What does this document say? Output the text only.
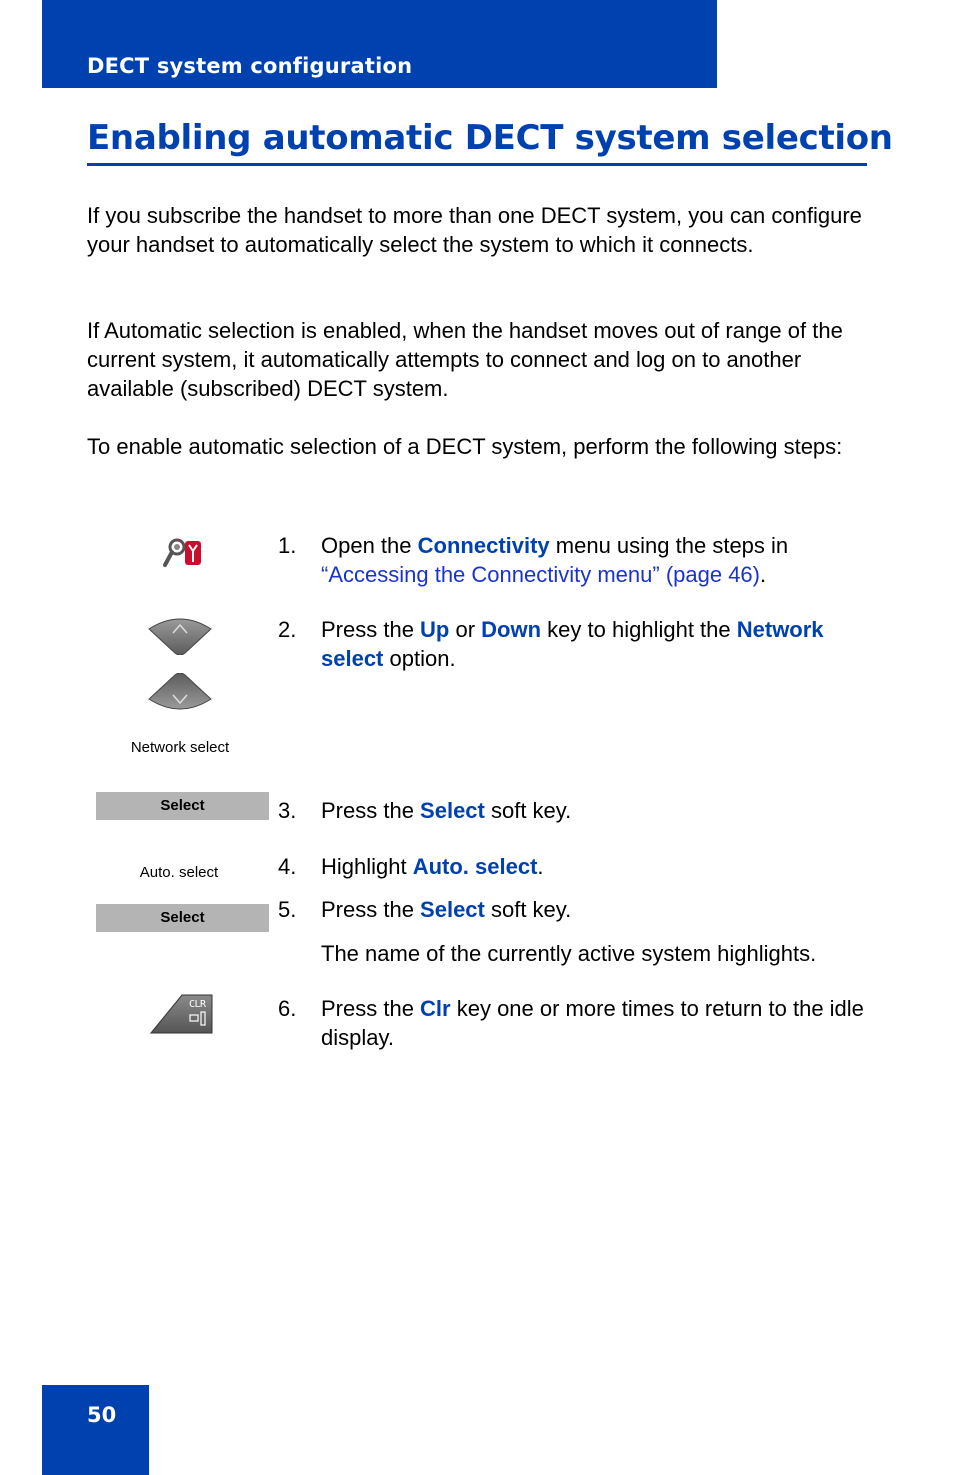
DECT system configuration
Enabling automatic DECT system selection

If you subscribe the handset to more than one DECT system, you can configure your handset to automatically select the system to which it connects.

If Automatic selection is enabled, when the handset moves out of range of the current system, it automatically attempts to connect and log on to another available (subscribed) DECT system.

To enable automatic selection of a DECT system, perform the following steps:

1. Open the Connectivity menu using the steps in “Accessing the Connectivity menu” (page 46).
Network select
2. Press the Up or Down key to highlight the Network select option.
Select	3. Press the Select soft key.
Auto. select	4. Highlight Auto. select.
Select	5. Press the Select soft key.
The name of the currently active system highlights.
CLR	6. Press the Clr key one or more times to return to the idle display.
50
